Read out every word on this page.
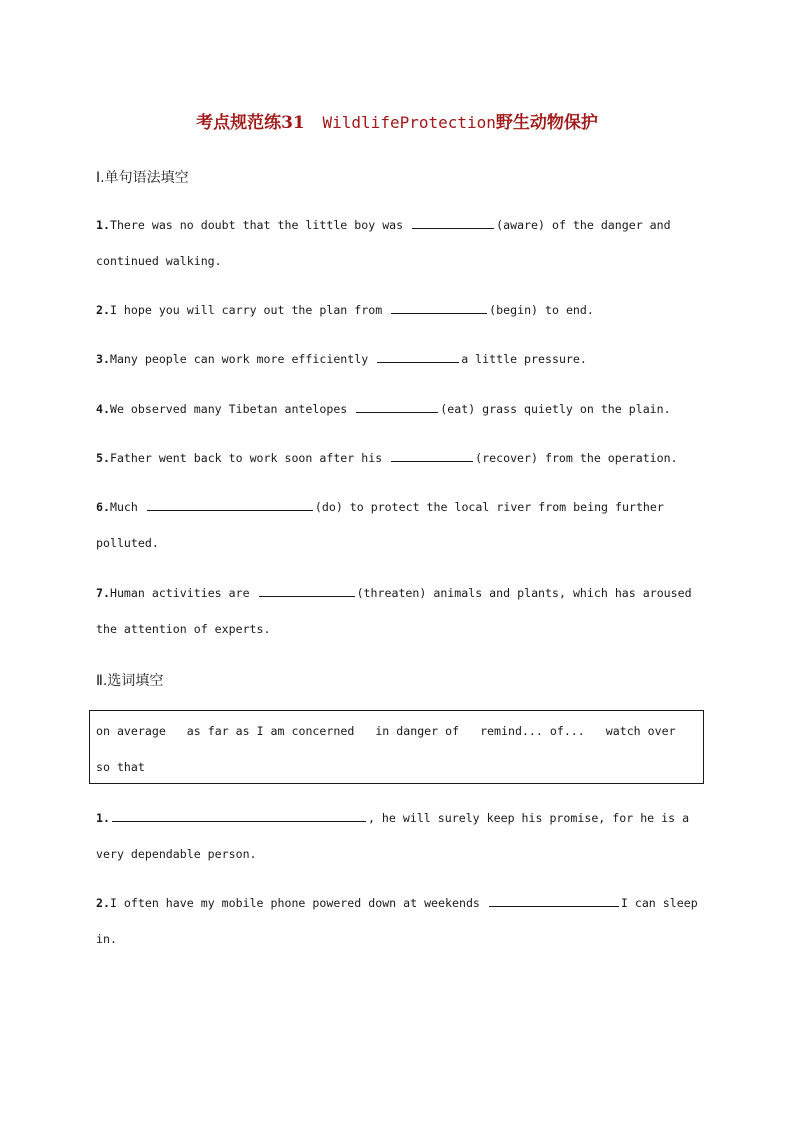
考点规范练31 WildlifeProtection野生动物保护
Ⅰ.单句语法填空
1.There was no doubt that the little boy was	(aware) of the danger and continued walking.
2.I hope you will carry out the plan from	(begin) to end.
3.Many people can work more efficiently	a little pressure.
4.We observed many Tibetan antelopes	(eat) grass quietly on the plain.
5.Father went back to work soon after his	(recover) from the operation.
6.Much	(do) to protect the local river from being further polluted.
7.Human activities are	(threaten) animals and plants, which has aroused the attention of experts.
Ⅱ.选词填空
on average as far as I am concerned in danger of remind... of... watch over so that
1.	, he will surely keep his promise, for he is a very dependable person.
2.I often have my mobile phone powered down at weekends	I can sleep in.
